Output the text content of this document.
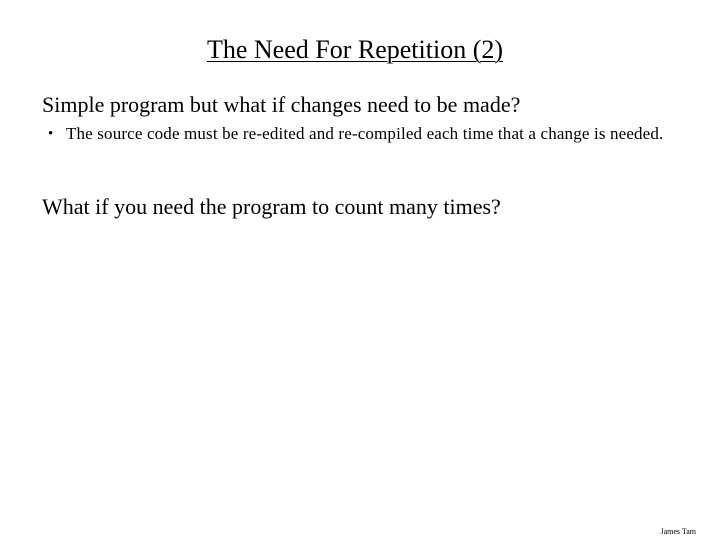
The Need For Repetition (2)
Simple program but what if changes need to be made?
• The source code must be re-edited and re-compiled each time that a change is needed.
What if you need the program to count many times?
James Tam
